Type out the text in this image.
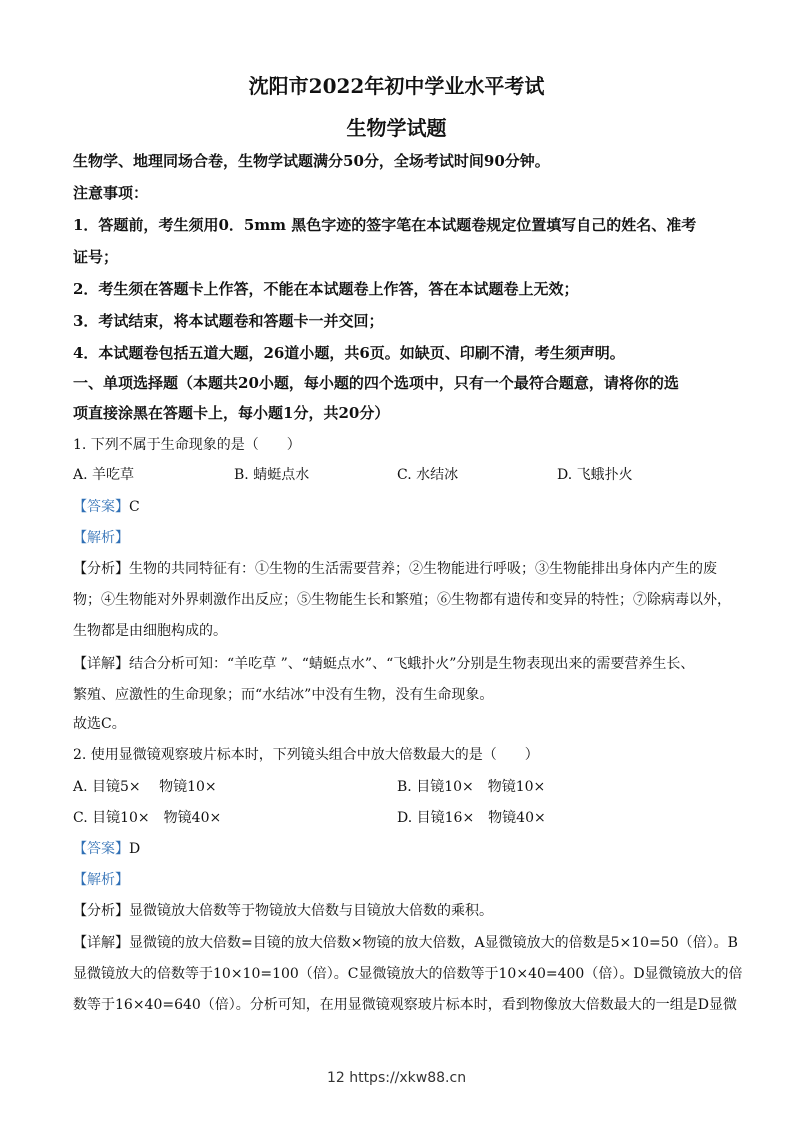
沈阳市2022年初中学业水平考试
生物学试题
生物学、地理同场合卷，生物学试题满分50分，全场考试时间90分钟。
注意事项：
1．答题前，考生须用0．5mm 黑色字迹的签字笔在本试题卷规定位置填写自己的姓名、准考
证号；
2．考生须在答题卡上作答，不能在本试题卷上作答，答在本试题卷上无效；
3．考试结束，将本试题卷和答题卡一并交回；
4．本试题卷包括五道大题，26道小题，共6页。如缺页、印刷不清，考生须声明。
一、单项选择题（本题共20小题，每小题的四个选项中，只有一个最符合题意，请将你的选
项直接涂黑在答题卡上，每小题1分，共20分）
1. 下列不属于生命现象的是（　　）
A. 羊吃草	B. 蜻蜓点水	C. 水结冰	D. 飞蛾扑火
【答案】C
【解析】
【分析】生物的共同特征有：①生物的生活需要营养；②生物能进行呼吸；③生物能排出身体内产生的废
物；④生物能对外界刺激作出反应；⑤生物能生长和繁殖；⑥生物都有遗传和变异的特性；⑦除病毒以外，
生物都是由细胞构成的。
【详解】结合分析可知：“羊吃草 ”、“蜻蜓点水”、“飞蛾扑火”分别是生物表现出来的需要营养生长、
繁殖、应激性的生命现象；而“水结冰”中没有生物，没有生命现象。
故选C。
2. 使用显微镜观察玻片标本时，下列镜头组合中放大倍数最大的是（　　）
A. 目镜5×　 物镜10×	B. 目镜10×　物镜10×
C. 目镜10×　物镜40×	D. 目镜16×　物镜40×
【答案】D
【解析】
【分析】显微镜放大倍数等于物镜放大倍数与目镜放大倍数的乘积。
【详解】显微镜的放大倍数=目镜的放大倍数×物镜的放大倍数，A显微镜放大的倍数是5×10=50（倍）。B
显微镜放大的倍数等于10×10=100（倍）。C显微镜放大的倍数等于10×40=400（倍）。D显微镜放大的倍
数等于16×40=640（倍）。分析可知，在用显微镜观察玻片标本时，看到物像放大倍数最大的一组是D显微
12 https://xkw88.cn
